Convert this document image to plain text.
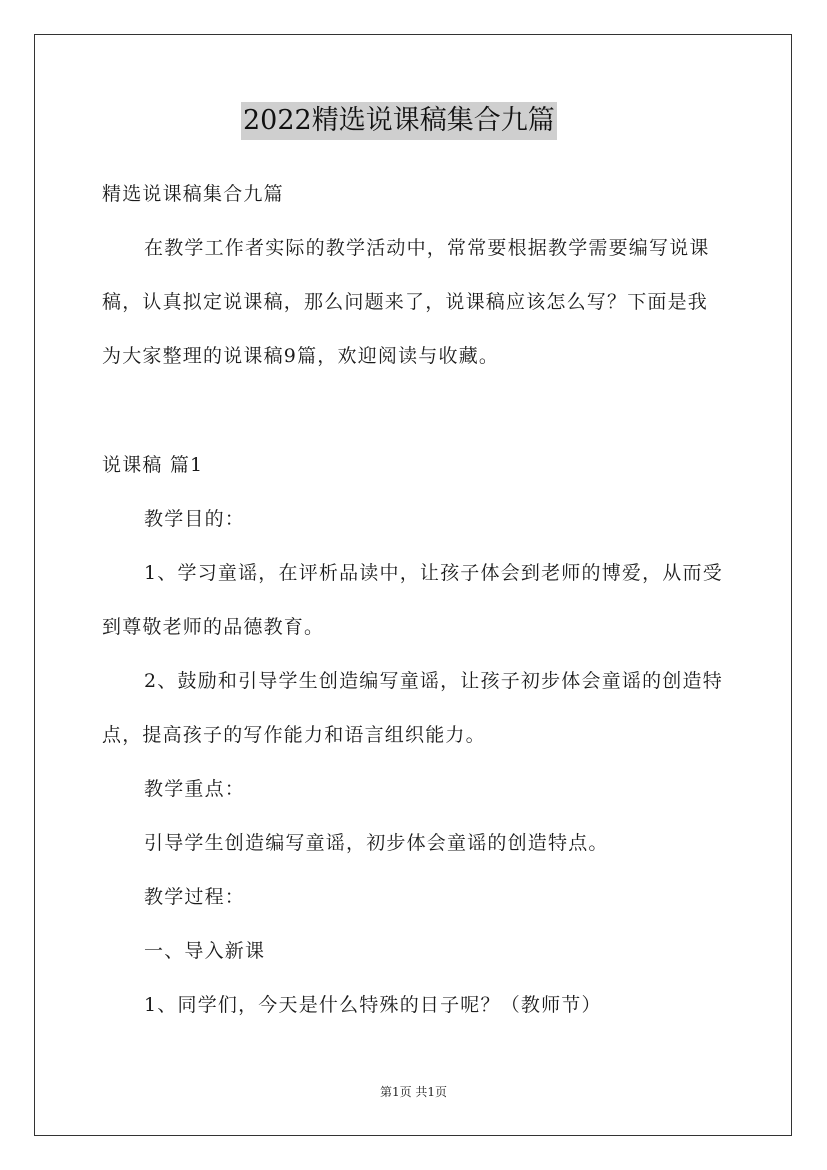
2022精选说课稿集合九篇
精选说课稿集合九篇
在教学工作者实际的教学活动中，常常要根据教学需要编写说课
稿，认真拟定说课稿，那么问题来了，说课稿应该怎么写？下面是我
为大家整理的说课稿9篇，欢迎阅读与收藏。
说课稿 篇1
教学目的：
1、学习童谣，在评析品读中，让孩子体会到老师的博爱，从而受
到尊敬老师的品德教育。
2、鼓励和引导学生创造编写童谣，让孩子初步体会童谣的创造特
点，提高孩子的写作能力和语言组织能力。
教学重点：
引导学生创造编写童谣，初步体会童谣的创造特点。
教学过程：
一、导入新课
1、同学们，今天是什么特殊的日子呢？（教师节）
第1页 共1页
